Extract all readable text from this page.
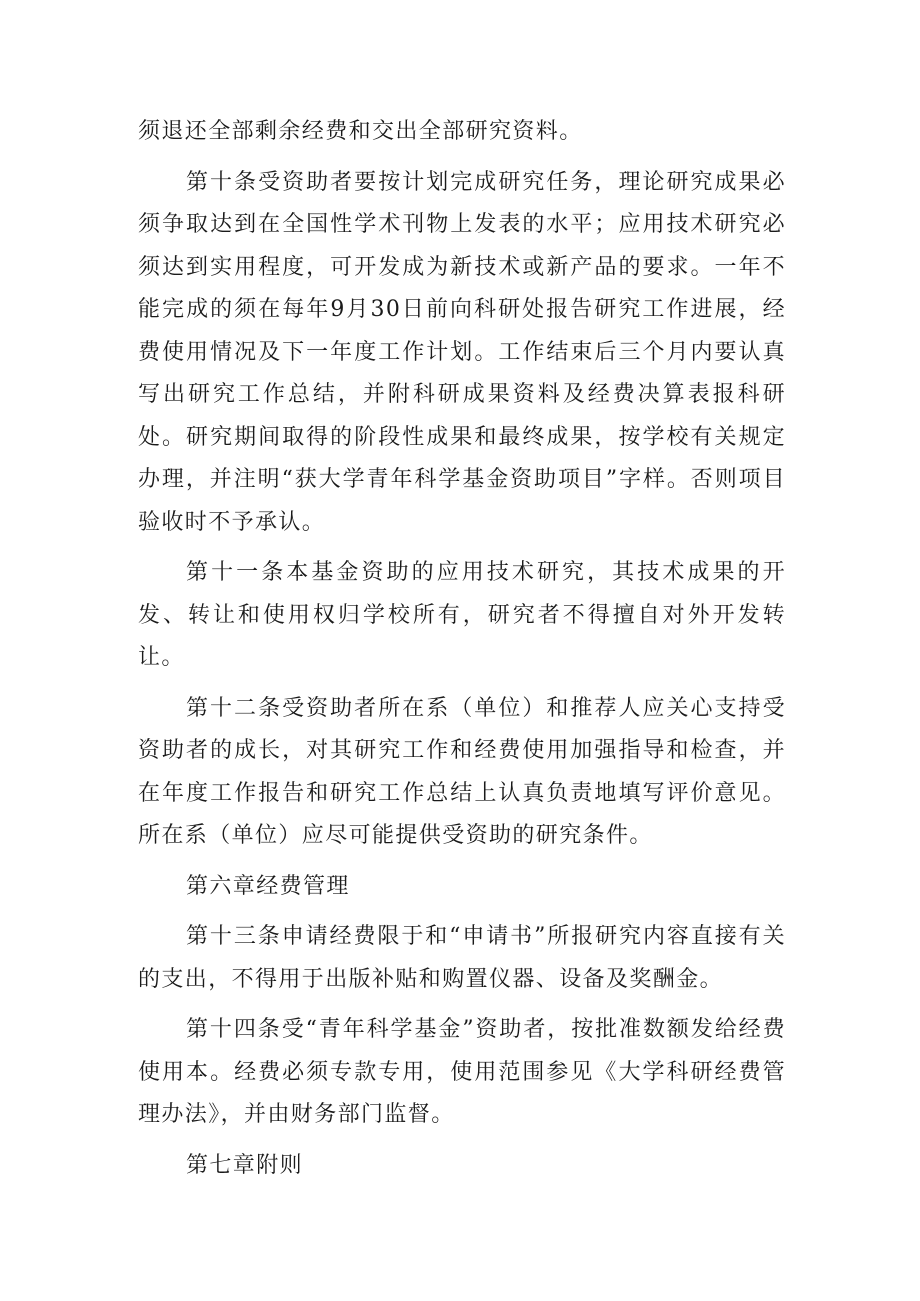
须退还全部剩余经费和交出全部研究资料。

第十条受资助者要按计划完成研究任务，理论研究成果必须争取达到在全国性学术刊物上发表的水平；应用技术研究必须达到实用程度，可开发成为新技术或新产品的要求。一年不能完成的须在每年9月30日前向科研处报告研究工作进展，经费使用情况及下一年度工作计划。工作结束后三个月内要认真写出研究工作总结，并附科研成果资料及经费决算表报科研处。研究期间取得的阶段性成果和最终成果，按学校有关规定办理，并注明“获大学青年科学基金资助项目”字样。否则项目验收时不予承认。

第十一条本基金资助的应用技术研究，其技术成果的开发、转让和使用权归学校所有，研究者不得擅自对外开发转让。

第十二条受资助者所在系（单位）和推荐人应关心支持受资助者的成长，对其研究工作和经费使用加强指导和检查，并在年度工作报告和研究工作总结上认真负责地填写评价意见。所在系（单位）应尽可能提供受资助的研究条件。

第六章经费管理

第十三条申请经费限于和“申请书”所报研究内容直接有关的支出，不得用于出版补贴和购置仪器、设备及奖酬金。

第十四条受“青年科学基金”资助者，按批准数额发给经费使用本。经费必须专款专用，使用范围参见《大学科研经费管理办法》，并由财务部门监督。

第七章附则
